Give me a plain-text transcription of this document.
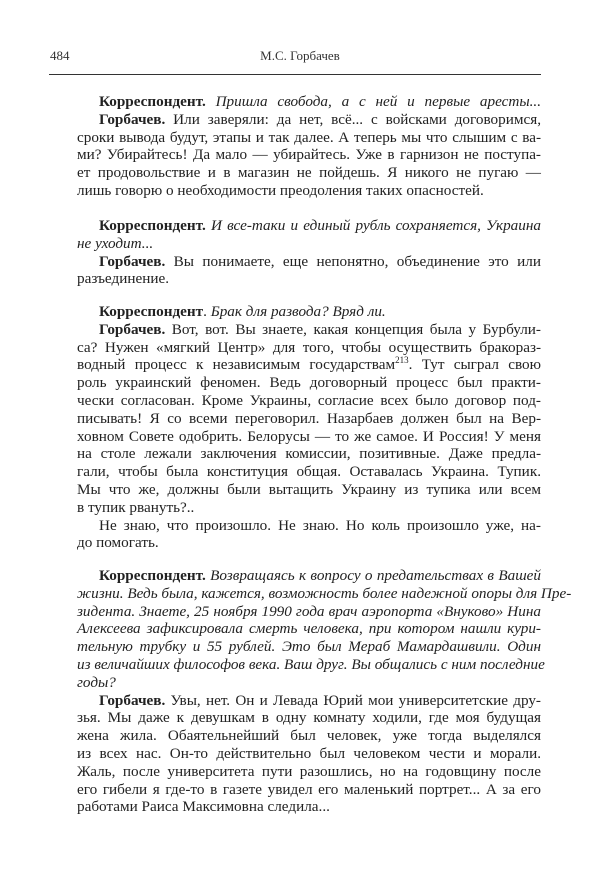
484	М.С. Горбачев
Корреспондент. Пришла свобода, а с ней и первые аресты...
Горбачев. Или заверяли: да нет, всё... с войсками договоримся,
сроки вывода будут, этапы и так далее. А теперь мы что слышим с ва-
ми? Убирайтесь! Да мало — убирайтесь. Уже в гарнизон не поступа-
ет продовольствие и в магазин не пойдешь. Я никого не пугаю —
лишь говорю о необходимости преодоления таких опасностей.
Корреспондент. И все-таки и единый рубль сохраняется, Украина
не уходит...
Горбачев. Вы понимаете, еще непонятно, объединение это или
разъединение.
Корреспондент. Брак для развода? Вряд ли.
Горбачев. Вот, вот. Вы знаете, какая концепция была у Бурбули-
са? Нужен «мягкий Центр» для того, чтобы осуществить бракораз-
водный процесс к независимым государствам$^{213}$. Тут сыграл свою
роль украинский феномен. Ведь договорный процесс был практи-
чески согласован. Кроме Украины, согласие всех было договор под-
писывать! Я со всеми переговорил. Назарбаев должен был на Вер-
ховном Совете одобрить. Белорусы — то же самое. И Россия! У меня
на столе лежали заключения комиссии, позитивные. Даже предла-
гали, чтобы была конституция общая. Оставалась Украина. Тупик.
Мы что же, должны были вытащить Украину из тупика или всем
в тупик рвануть?..
Не знаю, что произошло. Не знаю. Но коль произошло уже, на-
до помогать.
Корреспондент. Возвращаясь к вопросу о предательствах в Вашей
жизни. Ведь была, кажется, возможность более надежной опоры для Пре-
зидента. Знаете, 25 ноября 1990 года врач аэропорта «Внуково» Нина
Алексеева зафиксировала смерть человека, при котором нашли кури-
тельную трубку и 55 рублей. Это был Мераб Мамардашвили. Один
из величайших философов века. Ваш друг. Вы общались с ним последние
годы?
Горбачев. Увы, нет. Он и Левада Юрий мои университетские дру-
зья. Мы даже к девушкам в одну комнату ходили, где моя будущая
жена жила. Обаятельнейший был человек, уже тогда выделялся
из всех нас. Он-то действительно был человеком чести и морали.
Жаль, после университета пути разошлись, но на годовщину после
его гибели я где-то в газете увидел его маленький портрет... А за его
работами Раиса Максимовна следила...
